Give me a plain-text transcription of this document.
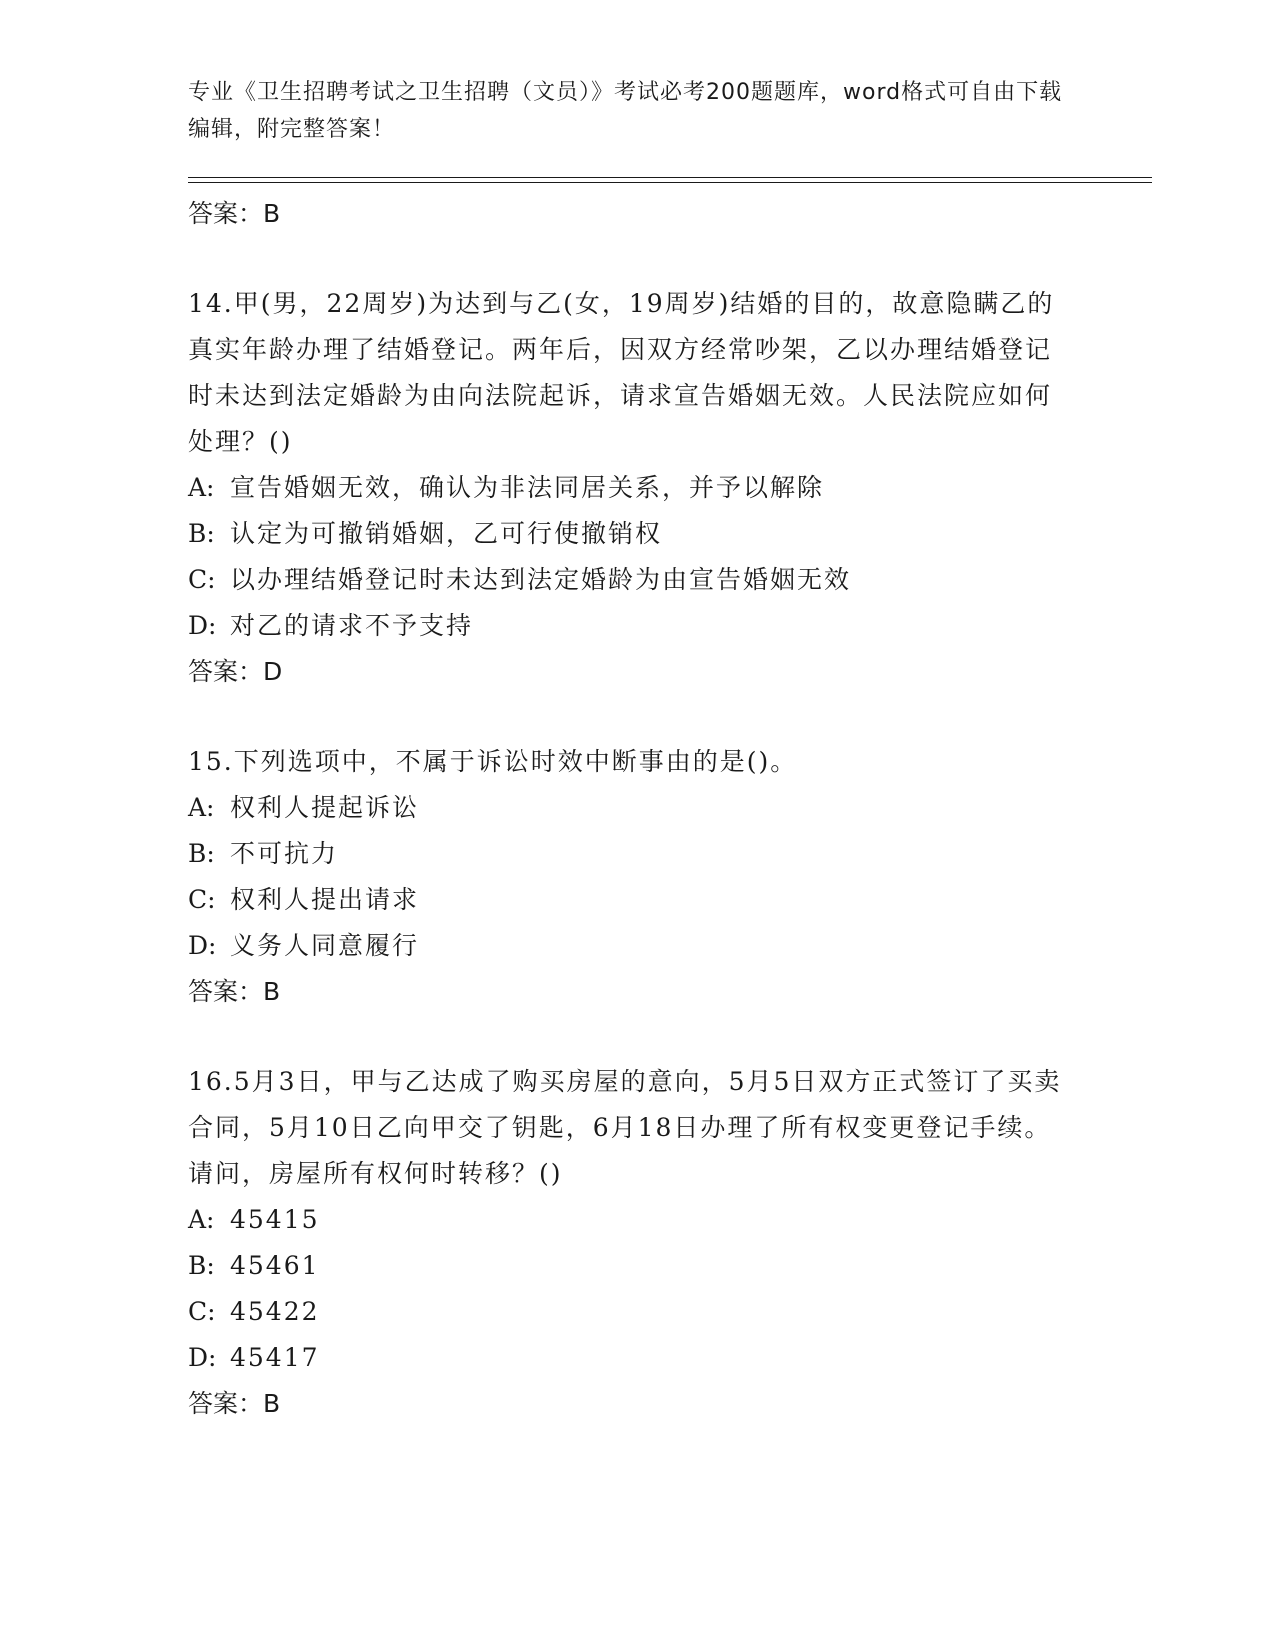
专业《卫生招聘考试之卫生招聘（文员）》考试必考200题题库，word格式可自由下载编辑，附完整答案！

答案：B

14.甲(男，22周岁)为达到与乙(女，19周岁)结婚的目的，故意隐瞒乙的真实年龄办理了结婚登记。两年后，因双方经常吵架，乙以办理结婚登记时未达到法定婚龄为由向法院起诉，请求宣告婚姻无效。人民法院应如何处理？()

A: 宣告婚姻无效，确认为非法同居关系，并予以解除

B: 认定为可撤销婚姻，乙可行使撤销权

C: 以办理结婚登记时未达到法定婚龄为由宣告婚姻无效

D: 对乙的请求不予支持

答案：D

15.下列选项中，不属于诉讼时效中断事由的是()。

A: 权利人提起诉讼

B: 不可抗力

C: 权利人提出请求

D: 义务人同意履行

答案：B

16.5月3日，甲与乙达成了购买房屋的意向，5月5日双方正式签订了买卖合同，5月10日乙向甲交了钥匙，6月18日办理了所有权变更登记手续。请问，房屋所有权何时转移？()

A: 45415

B: 45461

C: 45422

D: 45417

答案：B
